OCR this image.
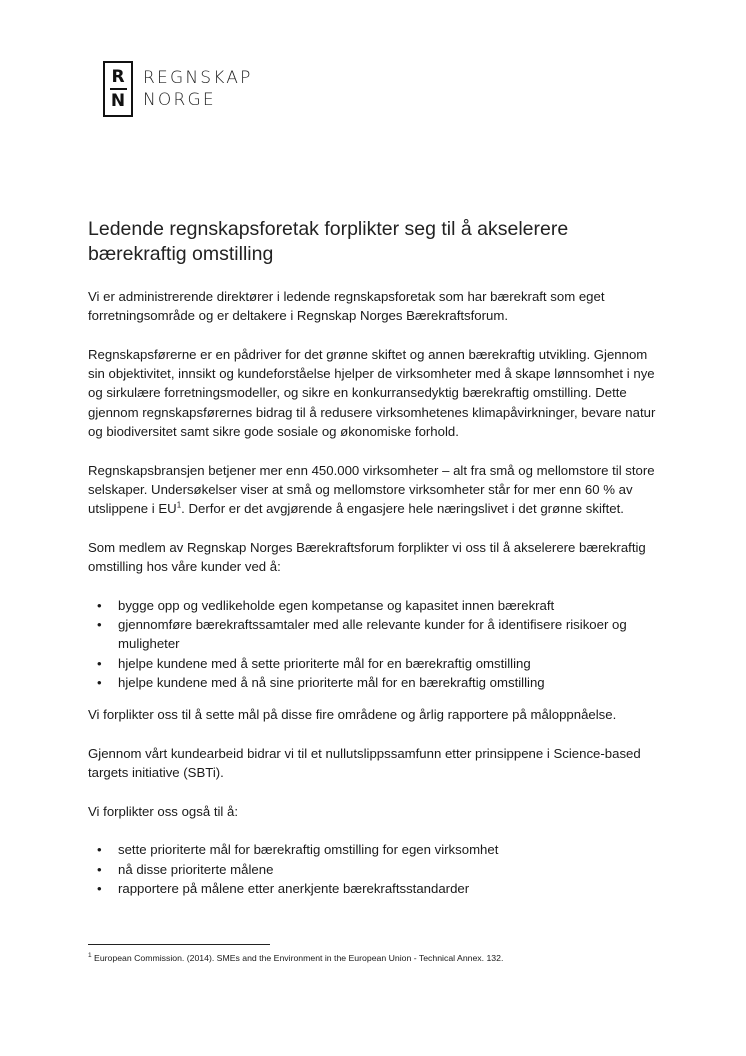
R
N
REGNSKAP
NORGE
Ledende regnskapsforetak forplikter seg til å akselerere bærekraftig omstilling

Vi er administrerende direktører i ledende regnskapsforetak som har bærekraft som eget forretningsområde og er deltakere i Regnskap Norges Bærekraftsforum.

Regnskapsførerne er en pådriver for det grønne skiftet og annen bærekraftig utvikling. Gjennom sin objektivitet, innsikt og kundeforståelse hjelper de virksomheter med å skape lønnsomhet i nye og sirkulære forretningsmodeller, og sikre en konkurransedyktig bærekraftig omstilling. Dette gjennom regnskapsførernes bidrag til å redusere virksomhetenes klimapåvirkninger, bevare natur og biodiversitet samt sikre gode sosiale og økonomiske forhold.

Regnskapsbransjen betjener mer enn 450.000 virksomheter – alt fra små og mellomstore til store selskaper. Undersøkelser viser at små og mellomstore virksomheter står for mer enn 60 % av utslippene i $EU^1$. Derfor er det avgjørende å engasjere hele næringslivet i det grønne skiftet.

Som medlem av Regnskap Norges Bærekraftsforum forplikter vi oss til å akselerere bærekraftig omstilling hos våre kunder ved å:

• bygge opp og vedlikeholde egen kompetanse og kapasitet innen bærekraft
• gjennomføre bærekraftssamtaler med alle relevante kunder for å identifisere risikoer og muligheter
• hjelpe kundene med å sette prioriterte mål for en bærekraftig omstilling
• hjelpe kundene med å nå sine prioriterte mål for en bærekraftig omstilling

Vi forplikter oss til å sette mål på disse fire områdene og årlig rapportere på måloppnåelse.

Gjennom vårt kundearbeid bidrar vi til et nullutslippssamfunn etter prinsippene i Science-based targets initiative (SBTi).

Vi forplikter oss også til å:

• sette prioriterte mål for bærekraftig omstilling for egen virksomhet
• nå disse prioriterte målene
• rapportere på målene etter anerkjente bærekraftsstandarder
$^1$ European Commission. (2014). SMEs and the Environment in the European Union - Technical Annex. 132.
